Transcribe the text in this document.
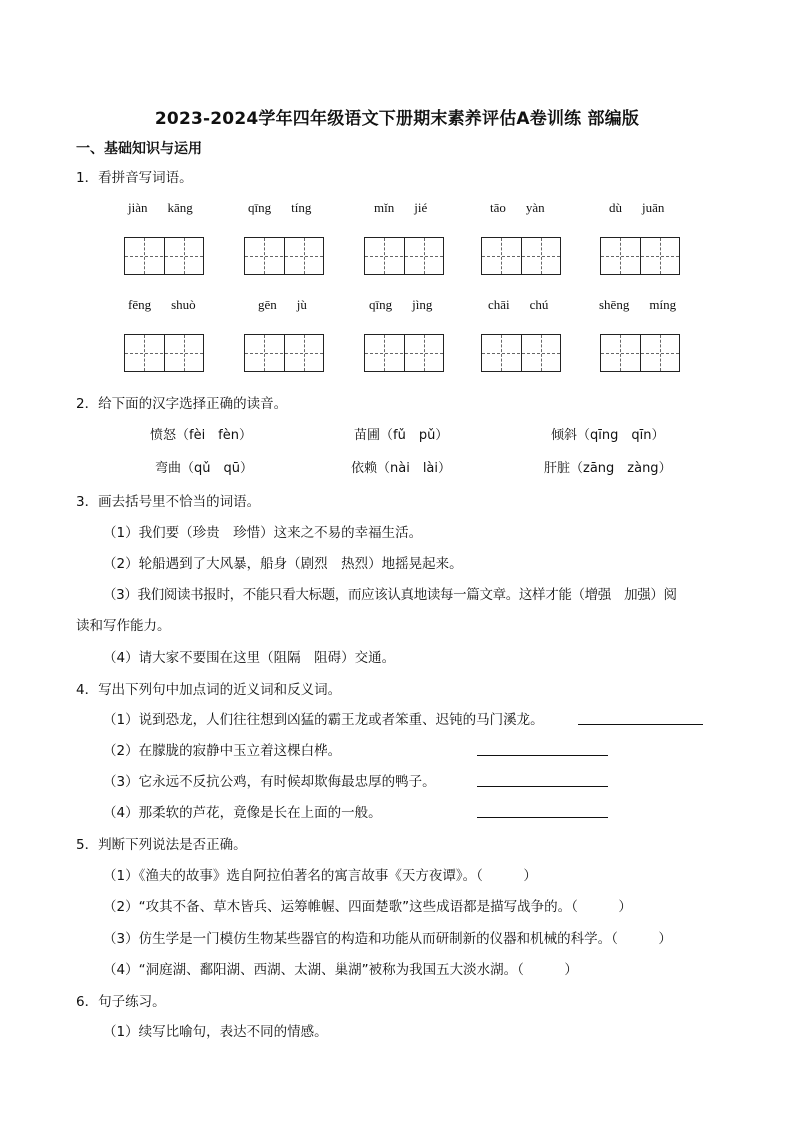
2023-2024学年四年级语文下册期末素养评估A卷训练 部编版
一、基础知识与运用
1．看拼音写词语。
jiàn kāng	qīng tíng	mǐn jié	tāo yàn	dù juān
fēng shuò	gēn jù	qīng jìng	chāi chú	shēng míng
2．给下面的汉字选择正确的读音。
愤怒（fèi　fèn）	苗圃（fǔ　pǔ）	倾斜（qīng　qīn）
弯曲（qǔ　qū）	依赖（nài　lài）	肝脏（zāng　zàng）
3．画去括号里不恰当的词语。
（1）我们要（珍贵　珍惜）这来之不易的幸福生活。
（2）轮船遇到了大风暴，船身（剧烈　热烈）地摇晃起来。
（3）我们阅读书报时，不能只看大标题，而应该认真地读每一篇文章。这样才能（增强　加强）阅
读和写作能力。
（4）请大家不要围在这里（阻隔　阻碍）交通。
4．写出下列句中加点词的近义词和反义词。
（1）说到恐龙，人们往往想到凶猛的霸王龙或者笨重、迟钝的马门溪龙。
（2）在朦胧的寂静中玉立着这棵白桦。
（3）它永远不反抗公鸡，有时候却欺侮最忠厚的鸭子。
（4）那柔软的芦花，竟像是长在上面的一般。
5．判断下列说法是否正确。
（1）《渔夫的故事》选自阿拉伯著名的寓言故事《天方夜谭》。（　　　）
（2）“攻其不备、草木皆兵、运筹帷幄、四面楚歌”这些成语都是描写战争的。（　　　）
（3）仿生学是一门模仿生物某些器官的构造和功能从而研制新的仪器和机械的科学。（　　　）
（4）“洞庭湖、鄱阳湖、西湖、太湖、巢湖”被称为我国五大淡水湖。（　　　）
6．句子练习。
（1）续写比喻句，表达不同的情感。
